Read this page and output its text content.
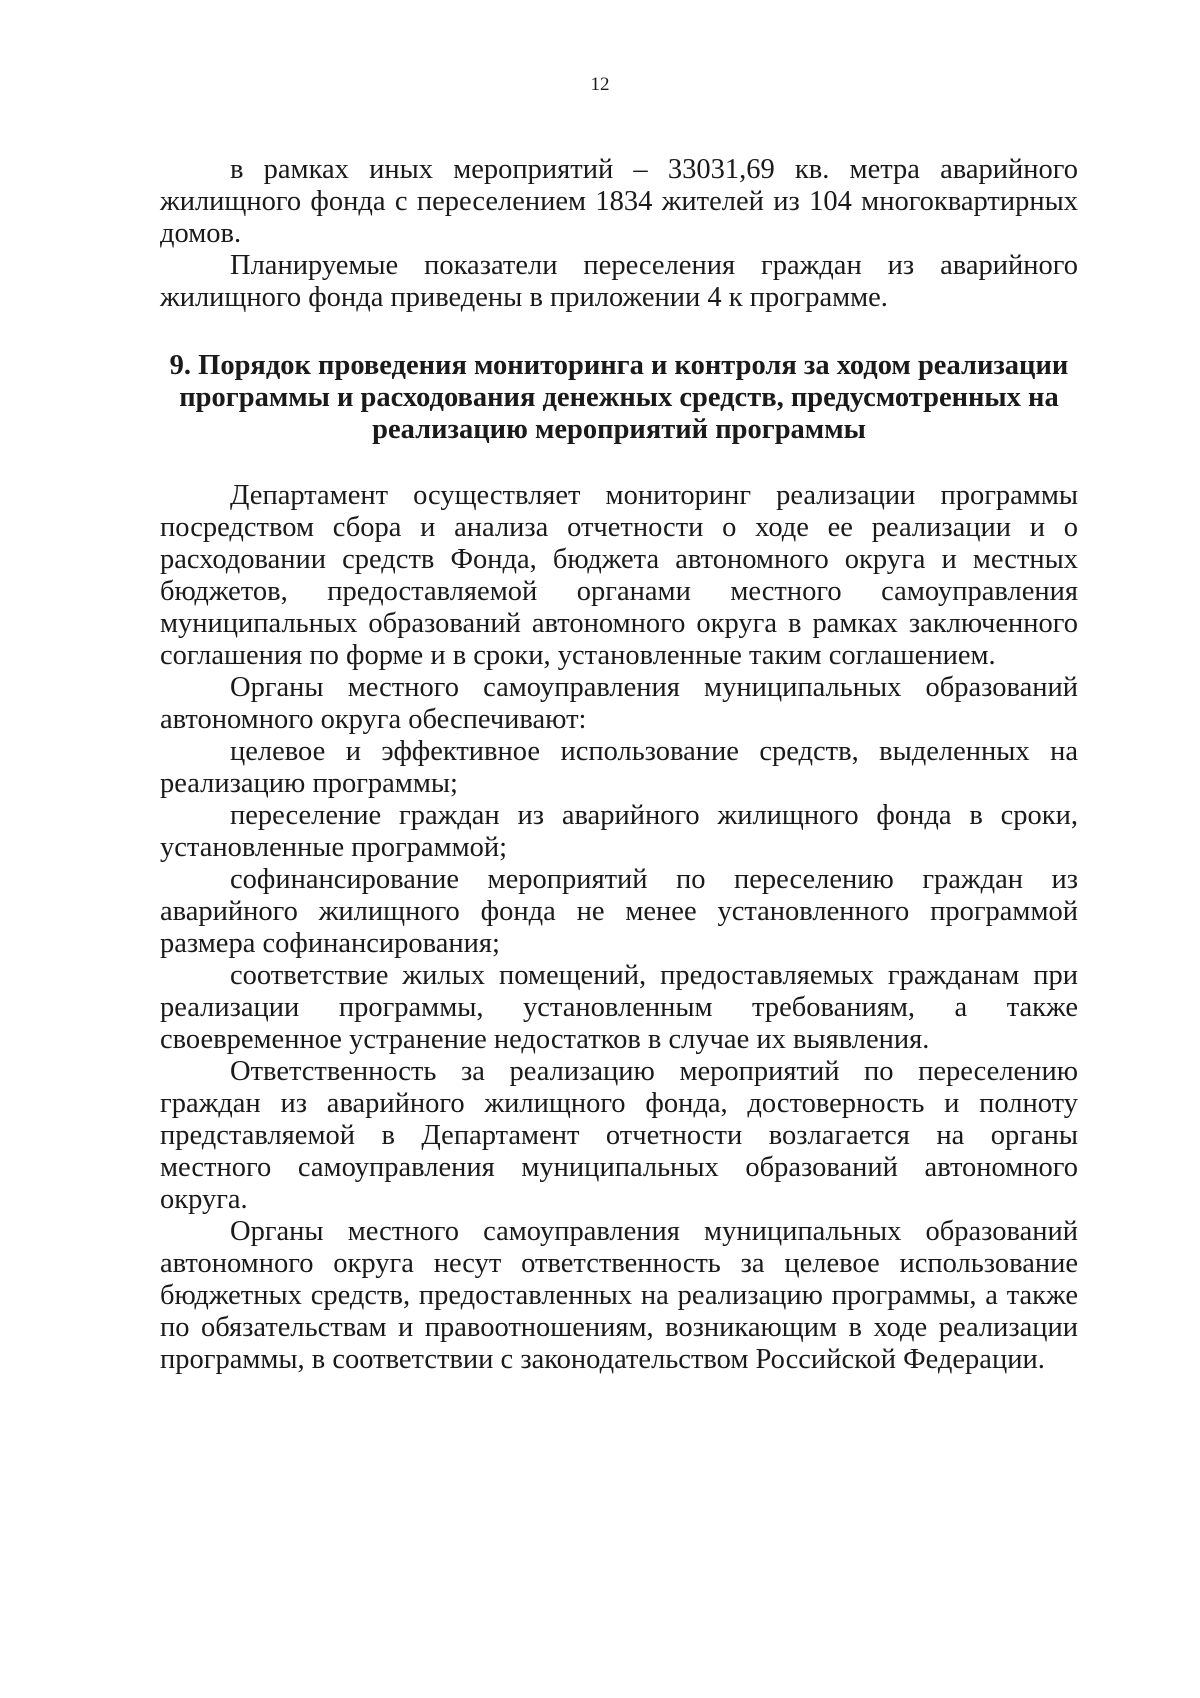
12

в рамках иных мероприятий – 33031,69 кв. метра аварийного жилищного фонда с переселением 1834 жителей из 104 многоквартирных домов.

Планируемые показатели переселения граждан из аварийного жилищного фонда приведены в приложении 4 к программе.

9. Порядок проведения мониторинга и контроля за ходом реализации программы и расходования денежных средств, предусмотренных на реализацию мероприятий программы

Департамент осуществляет мониторинг реализации программы посредством сбора и анализа отчетности о ходе ее реализации и о расходовании средств Фонда, бюджета автономного округа и местных бюджетов, предоставляемой органами местного самоуправления муниципальных образований автономного округа в рамках заключенного соглашения по форме и в сроки, установленные таким соглашением.

Органы местного самоуправления муниципальных образований автономного округа обеспечивают:

целевое и эффективное использование средств, выделенных на реализацию программы;

переселение граждан из аварийного жилищного фонда в сроки, установленные программой;

софинансирование мероприятий по переселению граждан из аварийного жилищного фонда не менее установленного программой размера софинансирования;

соответствие жилых помещений, предоставляемых гражданам при реализации программы, установленным требованиям, а также своевременное устранение недостатков в случае их выявления.

Ответственность за реализацию мероприятий по переселению граждан из аварийного жилищного фонда, достоверность и полноту представляемой в Департамент отчетности возлагается на органы местного самоуправления муниципальных образований автономного округа.

Органы местного самоуправления муниципальных образований автономного округа несут ответственность за целевое использование бюджетных средств, предоставленных на реализацию программы, а также по обязательствам и правоотношениям, возникающим в ходе реализации программы, в соответствии с законодательством Российской Федерации.
